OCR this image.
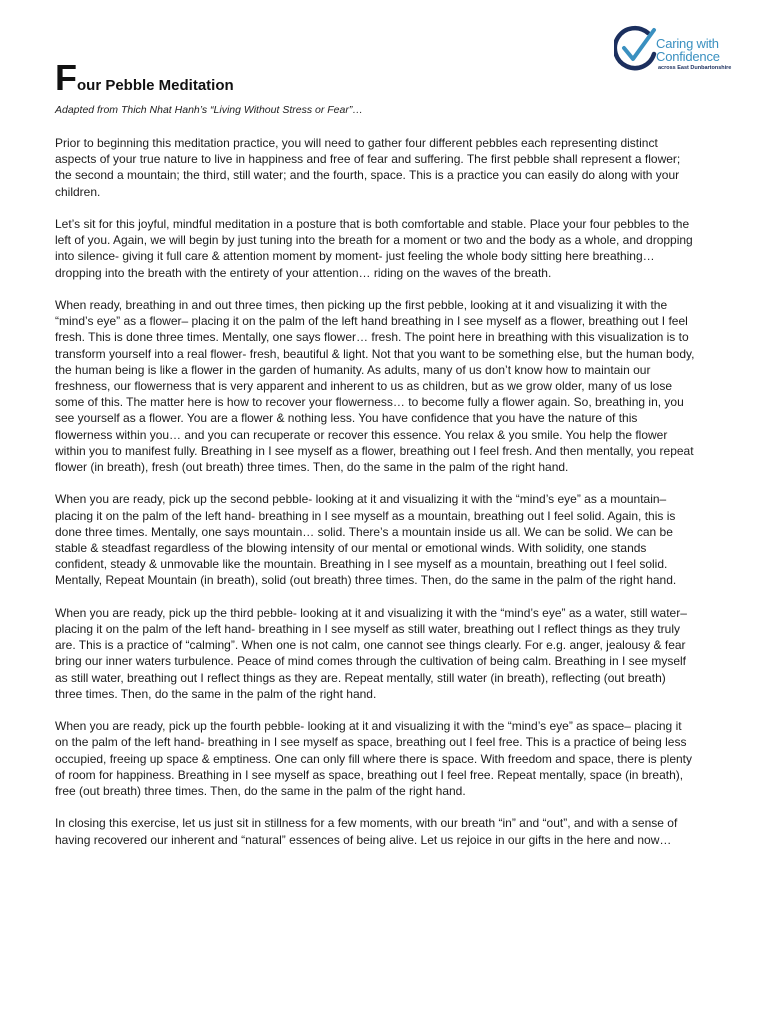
Caring with
Confidence
across East Dunbartonshire
Four Pebble Meditation
Adapted from Thich Nhat Hanh’s “Living Without Stress or Fear”…

Prior to beginning this meditation practice, you will need to gather four different pebbles each representing distinct aspects of your true nature to live in happiness and free of fear and suffering. The first pebble shall represent a flower; the second a mountain; the third, still water; and the fourth, space. This is a practice you can easily do along with your children.

Let’s sit for this joyful, mindful meditation in a posture that is both comfortable and stable. Place your four pebbles to the left of you. Again, we will begin by just tuning into the breath for a moment or two and the body as a whole, and dropping into silence- giving it full care & attention moment by moment- just feeling the whole body sitting here breathing… dropping into the breath with the entirety of your attention… riding on the waves of the breath.

When ready, breathing in and out three times, then picking up the first pebble, looking at it and visualizing it with the “mind’s eye” as a flower– placing it on the palm of the left hand breathing in I see myself as a flower, breathing out I feel fresh. This is done three times. Mentally, one says flower… fresh. The point here in breathing with this visualization is to transform yourself into a real flower- fresh, beautiful & light. Not that you want to be something else, but the human body, the human being is like a flower in the garden of humanity. As adults, many of us don’t know how to maintain our freshness, our flowerness that is very apparent and inherent to us as children, but as we grow older, many of us lose some of this. The matter here is how to recover your flowerness… to become fully a flower again. So, breathing in, you see yourself as a flower. You are a flower & nothing less. You have confidence that you have the nature of this flowerness within you… and you can recuperate or recover this essence. You relax & you smile. You help the flower within you to manifest fully. Breathing in I see myself as a flower, breathing out I feel fresh. And then mentally, you repeat flower (in breath), fresh (out breath) three times. Then, do the same in the palm of the right hand.

When you are ready, pick up the second pebble- looking at it and visualizing it with the “mind’s eye” as a mountain– placing it on the palm of the left hand- breathing in I see myself as a mountain, breathing out I feel solid. Again, this is done three times. Mentally, one says mountain… solid. There’s a mountain inside us all. We can be solid. We can be stable & steadfast regardless of the blowing intensity of our mental or emotional winds. With solidity, one stands confident, steady & unmovable like the mountain. Breathing in I see myself as a mountain, breathing out I feel solid. Mentally, Repeat Mountain (in breath), solid (out breath) three times. Then, do the same in the palm of the right hand.

When you are ready, pick up the third pebble- looking at it and visualizing it with the “mind’s eye” as a water, still water– placing it on the palm of the left hand- breathing in I see myself as still water, breathing out I reflect things as they truly are. This is a practice of “calming”. When one is not calm, one cannot see things clearly. For e.g. anger, jealousy & fear bring our inner waters turbulence. Peace of mind comes through the cultivation of being calm. Breathing in I see myself as still water, breathing out I reflect things as they are. Repeat mentally, still water (in breath), reflecting (out breath) three times. Then, do the same in the palm of the right hand.

When you are ready, pick up the fourth pebble- looking at it and visualizing it with the “mind’s eye” as space– placing it on the palm of the left hand- breathing in I see myself as space, breathing out I feel free. This is a practice of being less occupied, freeing up space & emptiness. One can only fill where there is space. With freedom and space, there is plenty of room for happiness. Breathing in I see myself as space, breathing out I feel free. Repeat mentally, space (in breath), free (out breath) three times. Then, do the same in the palm of the right hand.

In closing this exercise, let us just sit in stillness for a few moments, with our breath “in” and “out”, and with a sense of having recovered our inherent and “natural” essences of being alive. Let us rejoice in our gifts in the here and now…
